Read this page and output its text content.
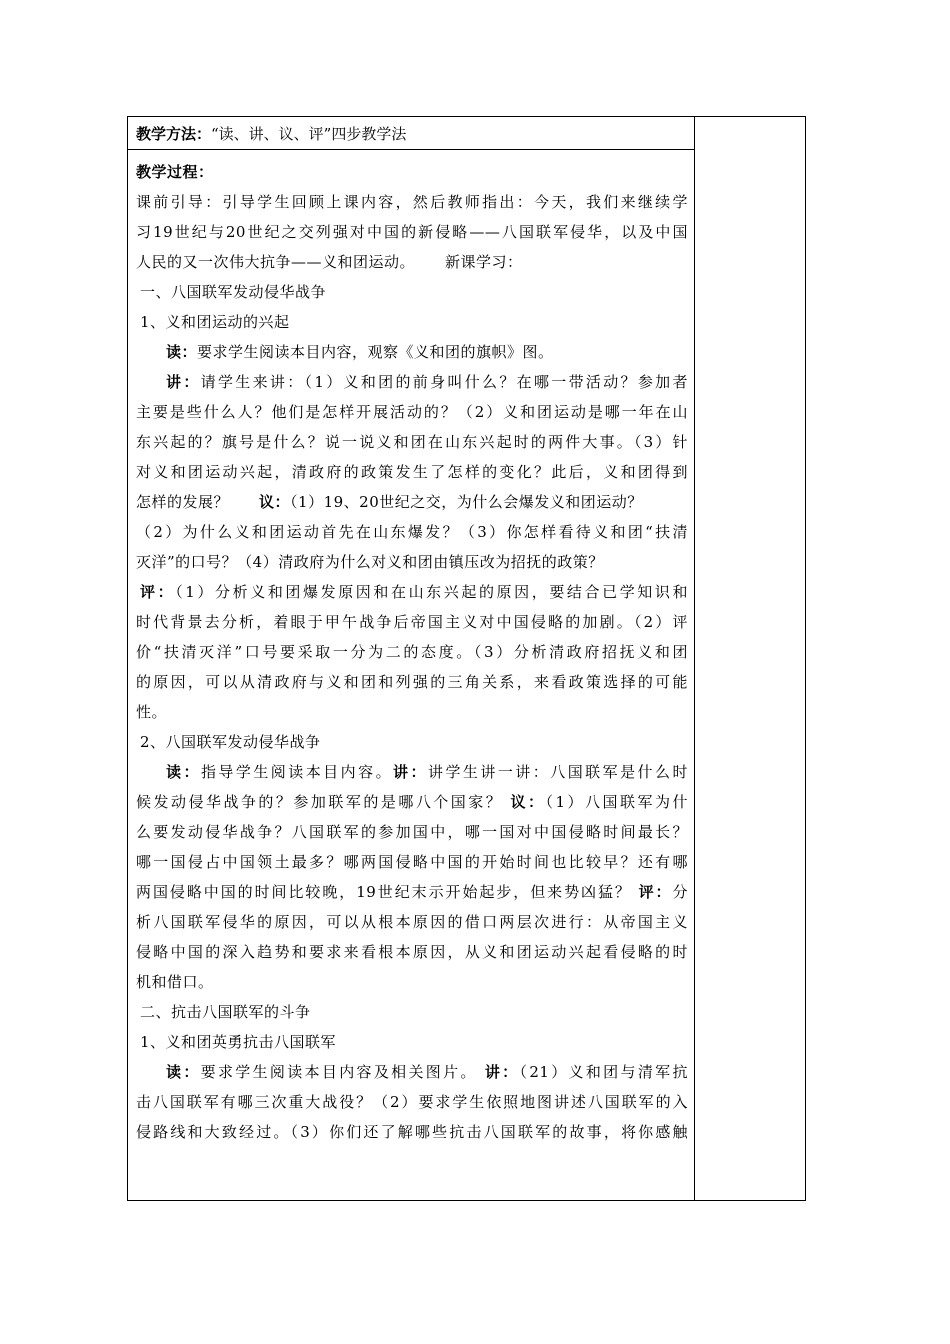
教学方法：“读、讲、议、评”四步教学法
教学过程：
课前引导：引导学生回顾上课内容，然后教师指出：今天，我们来继续学
习19世纪与20世纪之交列强对中国的新侵略——八国联军侵华，以及中国
人民的又一次伟大抗争——义和团运动。 新课学习：
一、八国联军发动侵华战争
1、义和团运动的兴起
读：要求学生阅读本目内容，观察《义和团的旗帜》图。
讲：请学生来讲：（1）义和团的前身叫什么？在哪一带活动？参加者
主要是些什么人？他们是怎样开展活动的？（2）义和团运动是哪一年在山
东兴起的？旗号是什么？说一说义和团在山东兴起时的两件大事。（3）针
对义和团运动兴起，清政府的政策发生了怎样的变化？此后，义和团得到
怎样的发展？ 议：（1）19、20世纪之交，为什么会爆发义和团运动？
（2）为什么义和团运动首先在山东爆发？（3）你怎样看待义和团“扶清
灭洋”的口号？（4）清政府为什么对义和团由镇压改为招抚的政策？
评：（1）分析义和团爆发原因和在山东兴起的原因，要结合已学知识和
时代背景去分析，着眼于甲午战争后帝国主义对中国侵略的加剧。（2）评
价“扶清灭洋”口号要采取一分为二的态度。（3）分析清政府招抚义和团
的原因，可以从清政府与义和团和列强的三角关系，来看政策选择的可能
性。
2、八国联军发动侵华战争
读：指导学生阅读本目内容。讲：讲学生讲一讲：八国联军是什么时
候发动侵华战争的？参加联军的是哪八个国家？ 议：（1）八国联军为什
么要发动侵华战争？八国联军的参加国中，哪一国对中国侵略时间最长？
哪一国侵占中国领土最多？哪两国侵略中国的开始时间也比较早？还有哪
两国侵略中国的时间比较晚，19世纪末示开始起步，但来势凶猛？ 评：分
析八国联军侵华的原因，可以从根本原因的借口两层次进行：从帝国主义
侵略中国的深入趋势和要求来看根本原因，从义和团运动兴起看侵略的时
机和借口。
二、抗击八国联军的斗争
1、义和团英勇抗击八国联军
读：要求学生阅读本目内容及相关图片。 讲：（21）义和团与清军抗
击八国联军有哪三次重大战役？（2）要求学生依照地图讲述八国联军的入
侵路线和大致经过。（3）你们还了解哪些抗击八国联军的故事，将你感触
